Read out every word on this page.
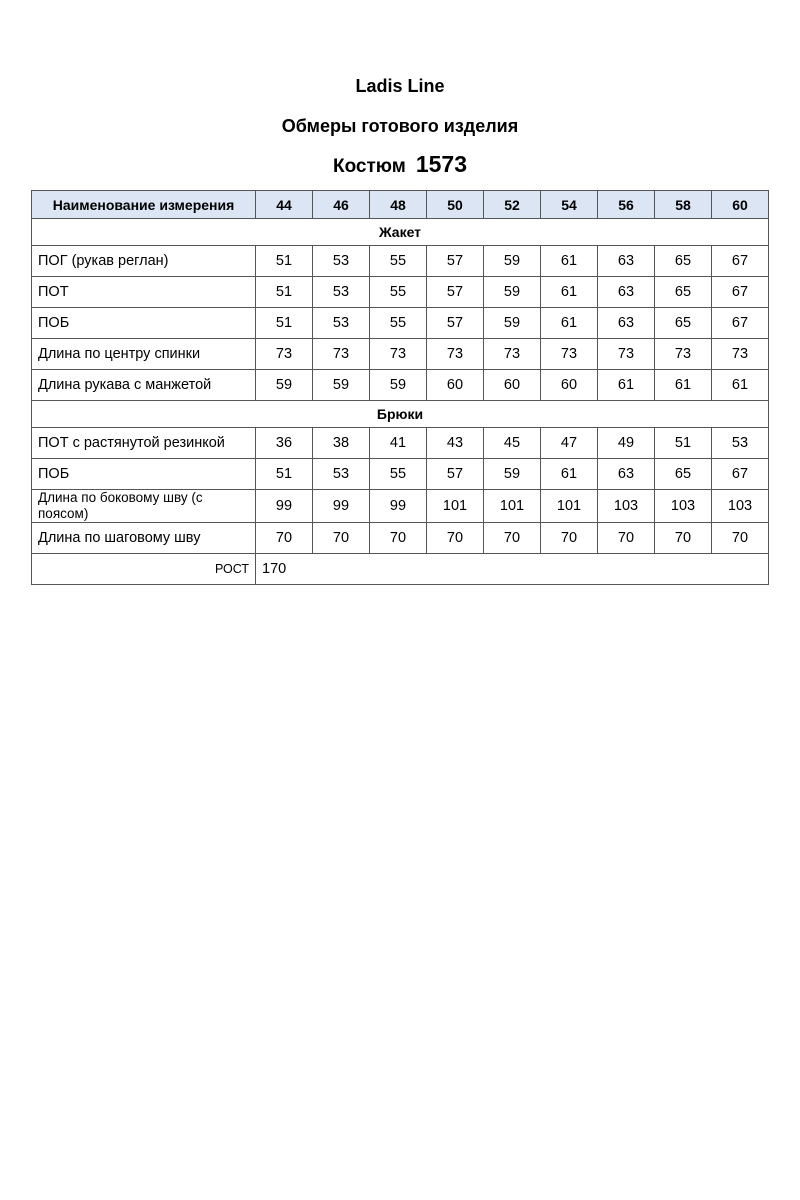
Ladis Line
Обмеры готового изделия
Костюм 1573
Наименование измерения	44	46	48	50	52	54	56	58	60
Жакет									
ПОГ (рукав реглан)	51	53	55	57	59	61	63	65	67
ПОТ	51	53	55	57	59	61	63	65	67
ПОБ	51	53	55	57	59	61	63	65	67
Длина по центру спинки	73	73	73	73	73	73	73	73	73
Длина рукава с манжетой	59	59	59	60	60	60	61	61	61
Брюки									
ПОТ с растянутой резинкой	36	38	41	43	45	47	49	51	53
ПОБ	51	53	55	57	59	61	63	65	67
Длина по боковому шву (с поясом)	99	99	99	101	101	101	103	103	103
Длина по шаговому шву	70	70	70	70	70	70	70	70	70
РОСТ	170								
